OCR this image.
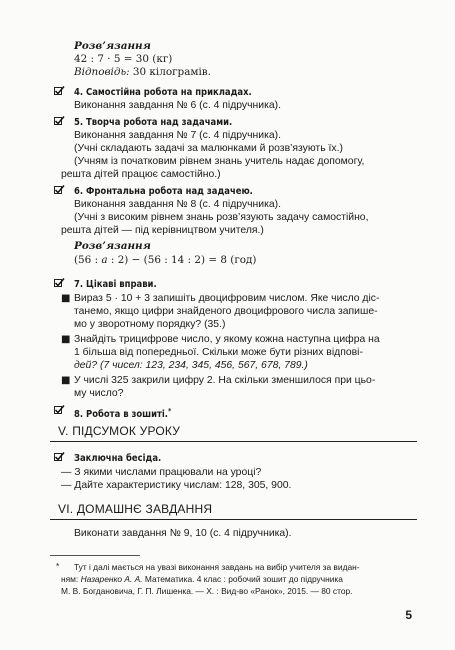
Розв’язання
42 : 7 · 5 = 30 (кг)
Відповідь: 30 кілограмів.
4. Самостійна робота на прикладах.
Виконання завдання № 6 (с. 4 підручника).
5. Творча робота над задачами.
Виконання завдання № 7 (с. 4 підручника).
(Учні складають задачі за малюнками й розв’язують їх.)
(Учням із початковим рівнем знань учитель надає допомогу,
решта дітей працює самостійно.)
6. Фронтальна робота над задачею.
Виконання завдання № 8 (с. 4 підручника).
(Учні з високим рівнем знань розв’язують задачу самостійно,
решта дітей — під керівництвом учителя.)
Розв’язання
(56 : а : 2) − (56 : 14 : 2) = 8 (год)
7. Цікаві вправи.
■ Вираз 5 · 10 + 3 запишіть двоцифровим числом. Яке число діс-
танемо, якщо цифри знайденого двоцифрового числа запише-
мо у зворотному порядку? (35.)
■ Знайдіть трицифрове число, у якому кожна наступна цифра на
1 більша від попередньої. Скільки може бути різних відпові-
дей? (7 чисел: 123, 234, 345, 456, 567, 678, 789.)
■ У числі 325 закрили цифру 2. На скільки зменшилося при цьо-
му число?
8. Робота в зошиті.*
V. ПІДСУМОК УРОКУ
Заключна бесіда.
— З якими числами працювали на уроці?
— Дайте характеристику числам: 128, 305, 900.
VI. ДОМАШНЄ ЗАВДАННЯ
Виконати завдання № 9, 10 (с. 4 підручника).
* Тут і далі мається на увазі виконання завдань на вибір учителя за видан-
ням: Назаренко А. А. Математика. 4 клас : робочий зошит до підручника
М. В. Богдановича, Г. П. Лишенка. — Х. : Вид-во «Ранок», 2015. — 80 стор.
5
